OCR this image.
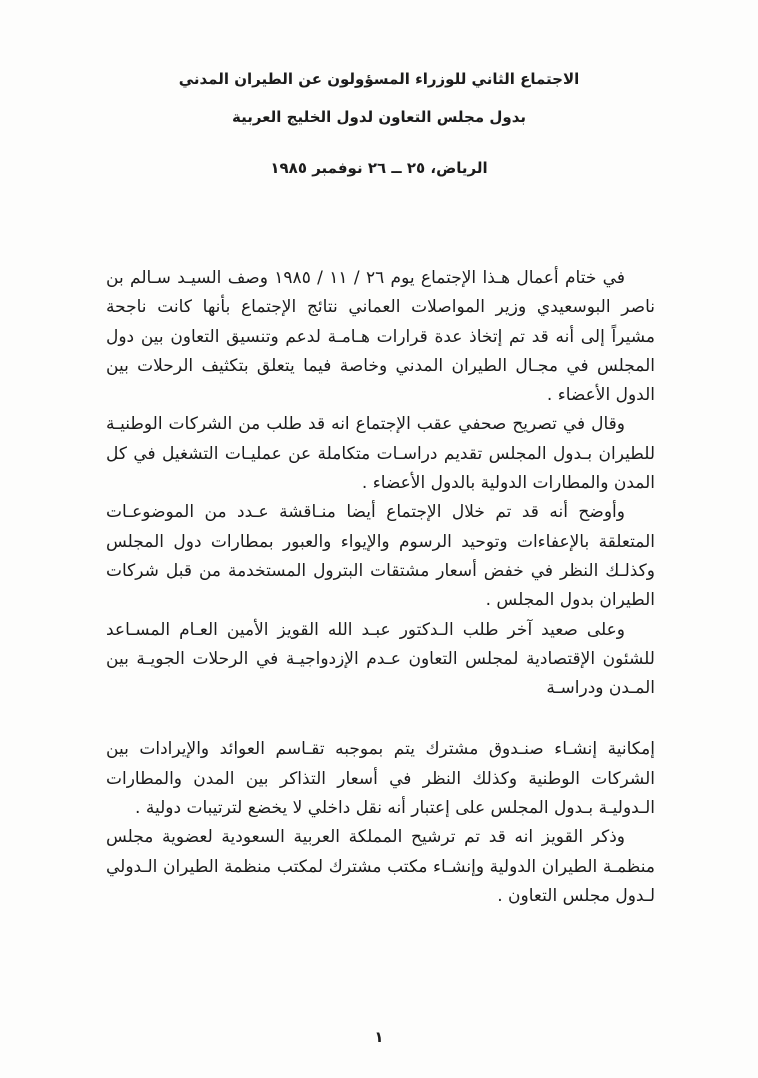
الاجتماع الثاني للوزراء المسؤولون عن الطيران المدني
بدول مجلس التعاون لدول الخليج العربية
الرياض، ٢٥ ــ ٢٦ نوفمبر ١٩٨٥

في ختام أعمال هـذا الإجتماع يوم ٢٦ / ١١ / ١٩٨٥ وصف السيـد سـالم بن ناصر البوسعيدي وزير المواصلات العماني نتائج الإجتماع بأنها كانت ناجحة مشيراً إلى أنه قد تم إتخاذ عدة قرارات هـامـة لدعم وتنسيق التعاون بين دول المجلس في مجـال الطيران المدني وخاصة فيما يتعلق بتكثيف الرحلات بين الدول الأعضاء .

وقال في تصريح صحفي عقب الإجتماع انه قد طلب من الشركات الوطنيـة للطيران بـدول المجلس تقديم دراسـات متكاملة عن عمليـات التشغيل في كل المدن والمطارات الدولية بالدول الأعضاء .

وأوضح أنه قد تم خلال الإجتماع أيضا منـاقشة عـدد من الموضوعـات المتعلقة بالإعفاءات وتوحيد الرسوم والإيواء والعبور بمطارات دول المجلس وكذلـك النظر في خفض أسعار مشتقات البترول المستخدمة من قبل شركات الطيران بدول المجلس .

وعلى صعيد آخر طلب الـدكتور عبـد الله القويز الأمين العـام المسـاعد للشئون الإقتصادية لمجلس التعاون عـدم الإزدواجيـة في الرحلات الجويـة بين المـدن ودراسـة

إمكانية إنشـاء صنـدوق مشترك يتم بموجبه تقـاسم العوائد والإيرادات بين الشركات الوطنية وكذلك النظر في أسعار التذاكر بين المدن والمطارات الـدوليـة بـدول المجلس على إعتبار أنه نقل داخلي لا يخضع لترتيبات دولية .

وذكر القويز انه قد تم ترشيح المملكة العربية السعودية لعضوية مجلس منظمـة الطيران الدولية وإنشـاء مكتب مشترك لمكتب منظمة الطيران الـدولي لـدول مجلس التعاون .

١
